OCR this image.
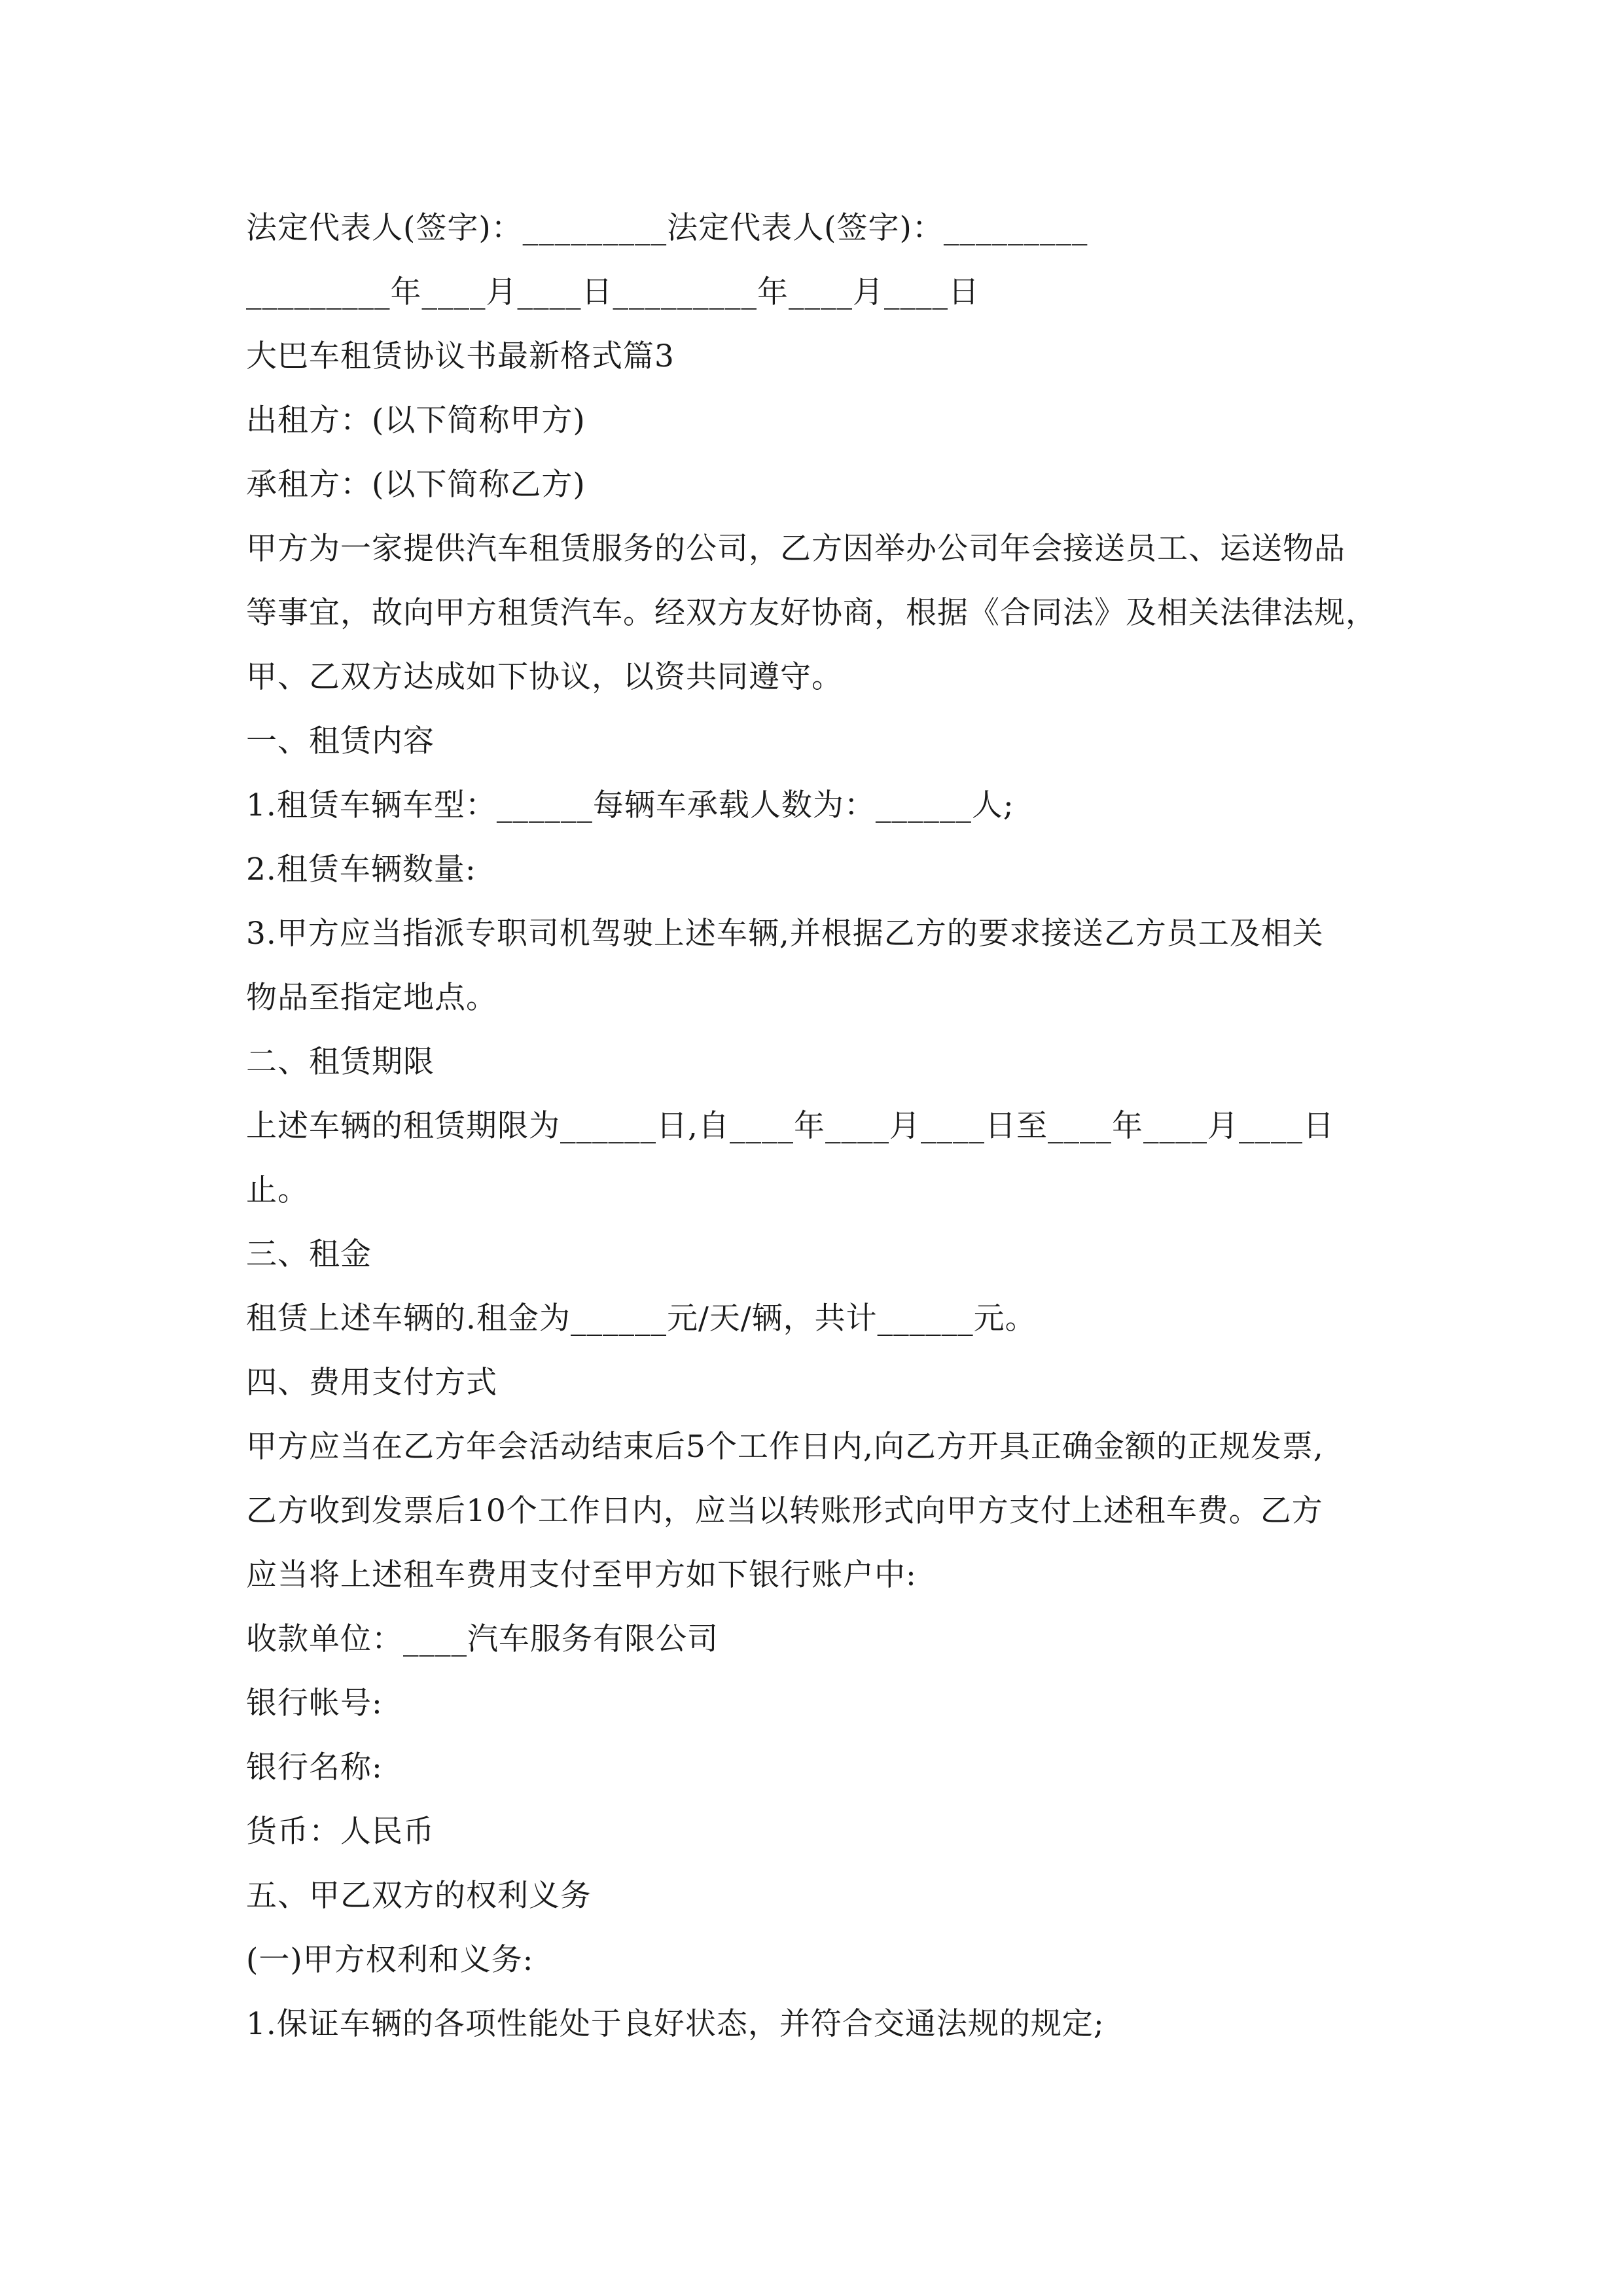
法定代表人(签字)：_________法定代表人(签字)：_________
_________年____月____日_________年____月____日
大巴车租赁协议书最新格式篇3
出租方：(以下简称甲方)
承租方：(以下简称乙方)
甲方为一家提供汽车租赁服务的公司，乙方因举办公司年会接送员工、运送物品
等事宜，故向甲方租赁汽车。经双方友好协商，根据《合同法》及相关法律法规，
甲、乙双方达成如下协议，以资共同遵守。
一、租赁内容
1.租赁车辆车型：______每辆车承载人数为：______人;
2.租赁车辆数量:
3.甲方应当指派专职司机驾驶上述车辆,并根据乙方的要求接送乙方员工及相关
物品至指定地点。
二、租赁期限
上述车辆的租赁期限为______日,自____年____月____日至____年____月____日
止。
三、租金
租赁上述车辆的.租金为______元/天/辆，共计______元。
四、费用支付方式
甲方应当在乙方年会活动结束后5个工作日内,向乙方开具正确金额的正规发票,
乙方收到发票后10个工作日内，应当以转账形式向甲方支付上述租车费。乙方
应当将上述租车费用支付至甲方如下银行账户中:
收款单位：____汽车服务有限公司
银行帐号:
银行名称:
货币：人民币
五、甲乙双方的权利义务
(一)甲方权利和义务:
1.保证车辆的各项性能处于良好状态，并符合交通法规的规定;
